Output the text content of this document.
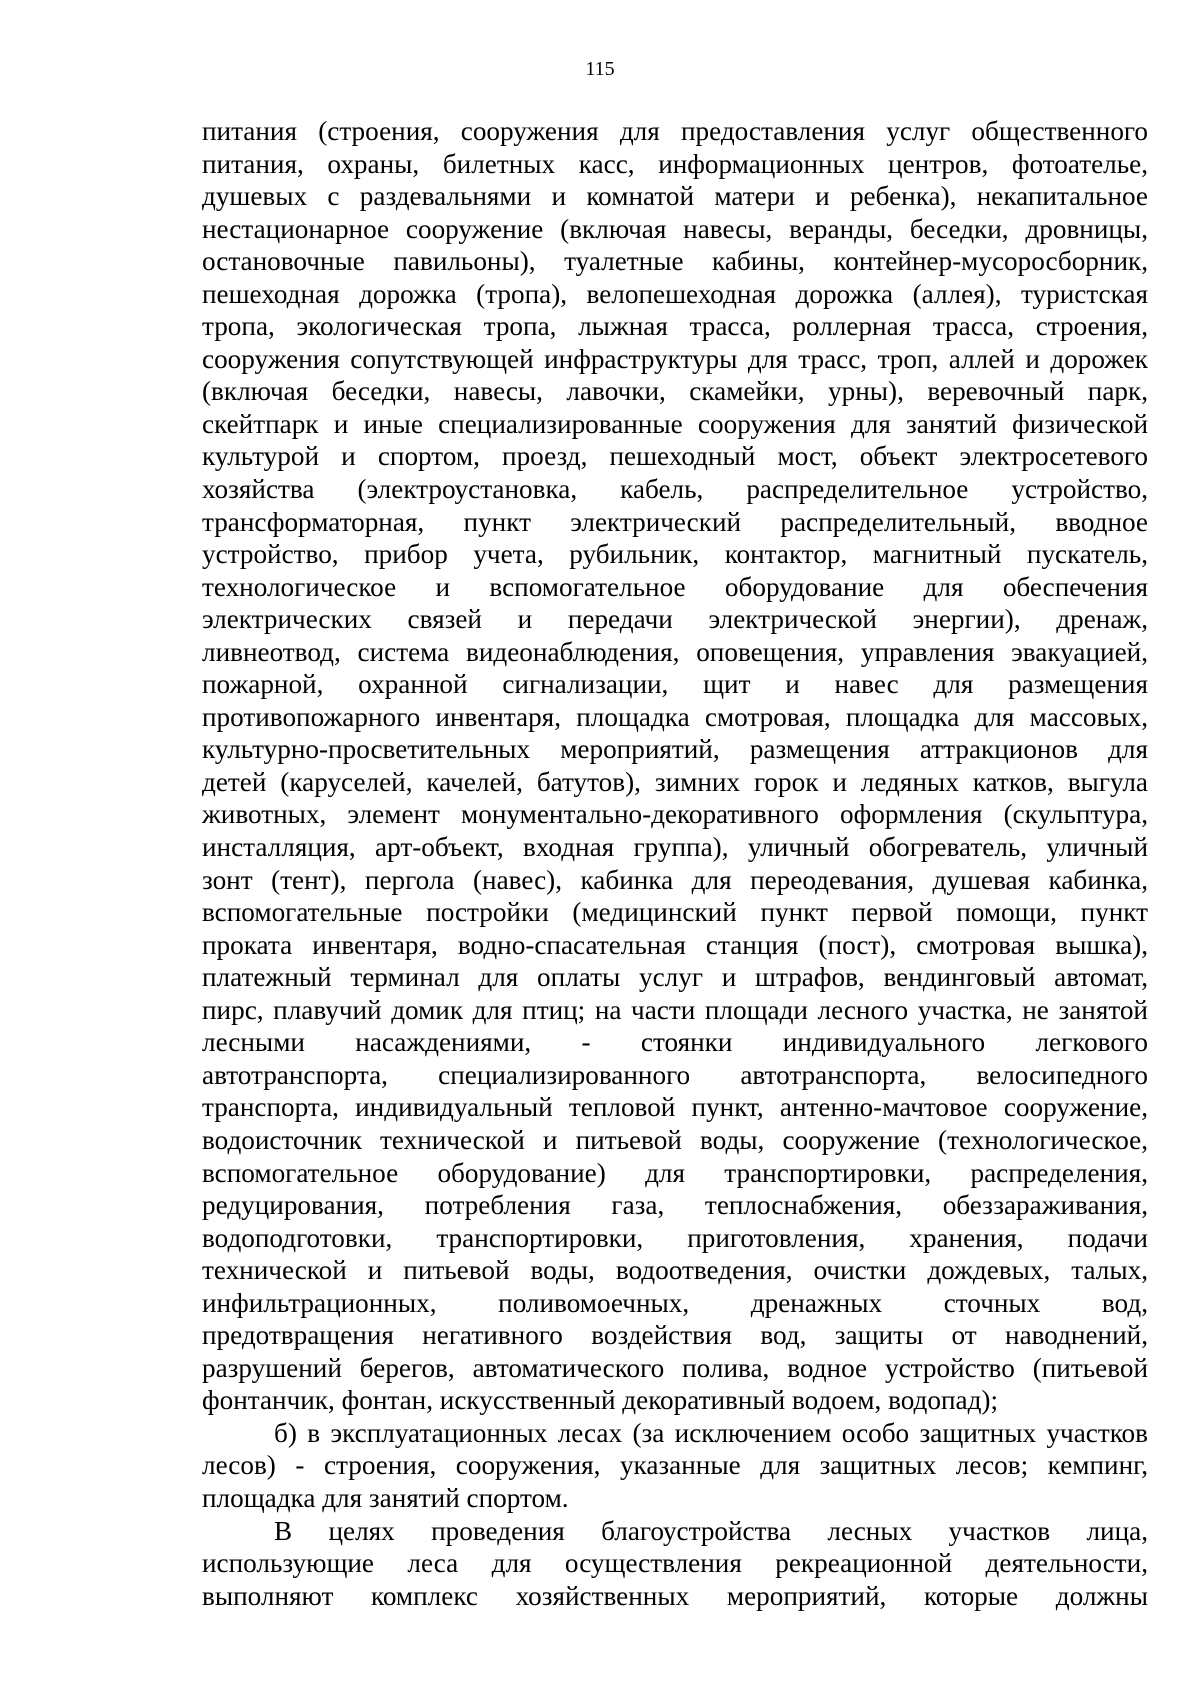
115
питания (строения, сооружения для предоставления услуг общественного
питания, охраны, билетных касс, информационных центров, фотоателье,
душевых с раздевальнями и комнатой матери и ребенка), некапитальное
нестационарное сооружение (включая навесы, веранды, беседки, дровницы,
остановочные павильоны), туалетные кабины, контейнер-мусоросборник,
пешеходная дорожка (тропа), велопешеходная дорожка (аллея), туристская
тропа, экологическая тропа, лыжная трасса, роллерная трасса, строения,
сооружения сопутствующей инфраструктуры для трасс, троп, аллей и дорожек
(включая беседки, навесы, лавочки, скамейки, урны), веревочный парк,
скейтпарк и иные специализированные сооружения для занятий физической
культурой и спортом, проезд, пешеходный мост, объект электросетевого
хозяйства (электроустановка, кабель, распределительное устройство,
трансформаторная, пункт электрический распределительный, вводное
устройство, прибор учета, рубильник, контактор, магнитный пускатель,
технологическое и вспомогательное оборудование для обеспечения
электрических связей и передачи электрической энергии), дренаж,
ливнеотвод, система видеонаблюдения, оповещения, управления эвакуацией,
пожарной, охранной сигнализации, щит и навес для размещения
противопожарного инвентаря, площадка смотровая, площадка для массовых,
культурно-просветительных мероприятий, размещения аттракционов для
детей (каруселей, качелей, батутов), зимних горок и ледяных катков, выгула
животных, элемент монументально-декоративного оформления (скульптура,
инсталляция, арт-объект, входная группа), уличный обогреватель, уличный
зонт (тент), пергола (навес), кабинка для переодевания, душевая кабинка,
вспомогательные постройки (медицинский пункт первой помощи, пункт
проката инвентаря, водно-спасательная станция (пост), смотровая вышка),
платежный терминал для оплаты услуг и штрафов, вендинговый автомат,
пирс, плавучий домик для птиц; на части площади лесного участка, не занятой
лесными насаждениями, - стоянки индивидуального легкового
автотранспорта, специализированного автотранспорта, велосипедного
транспорта, индивидуальный тепловой пункт, антенно-мачтовое сооружение,
водоисточник технической и питьевой воды, сооружение (технологическое,
вспомогательное оборудование) для транспортировки, распределения,
редуцирования, потребления газа, теплоснабжения, обеззараживания,
водоподготовки, транспортировки, приготовления, хранения, подачи
технической и питьевой воды, водоотведения, очистки дождевых, талых,
инфильтрационных, поливомоечных, дренажных сточных вод,
предотвращения негативного воздействия вод, защиты от наводнений,
разрушений берегов, автоматического полива, водное устройство (питьевой
фонтанчик, фонтан, искусственный декоративный водоем, водопад);
б) в эксплуатационных лесах (за исключением особо защитных участков
лесов) - строения, сооружения, указанные для защитных лесов; кемпинг,
площадка для занятий спортом.
В целях проведения благоустройства лесных участков лица,
использующие леса для осуществления рекреационной деятельности,
выполняют комплекс хозяйственных мероприятий, которые должны
